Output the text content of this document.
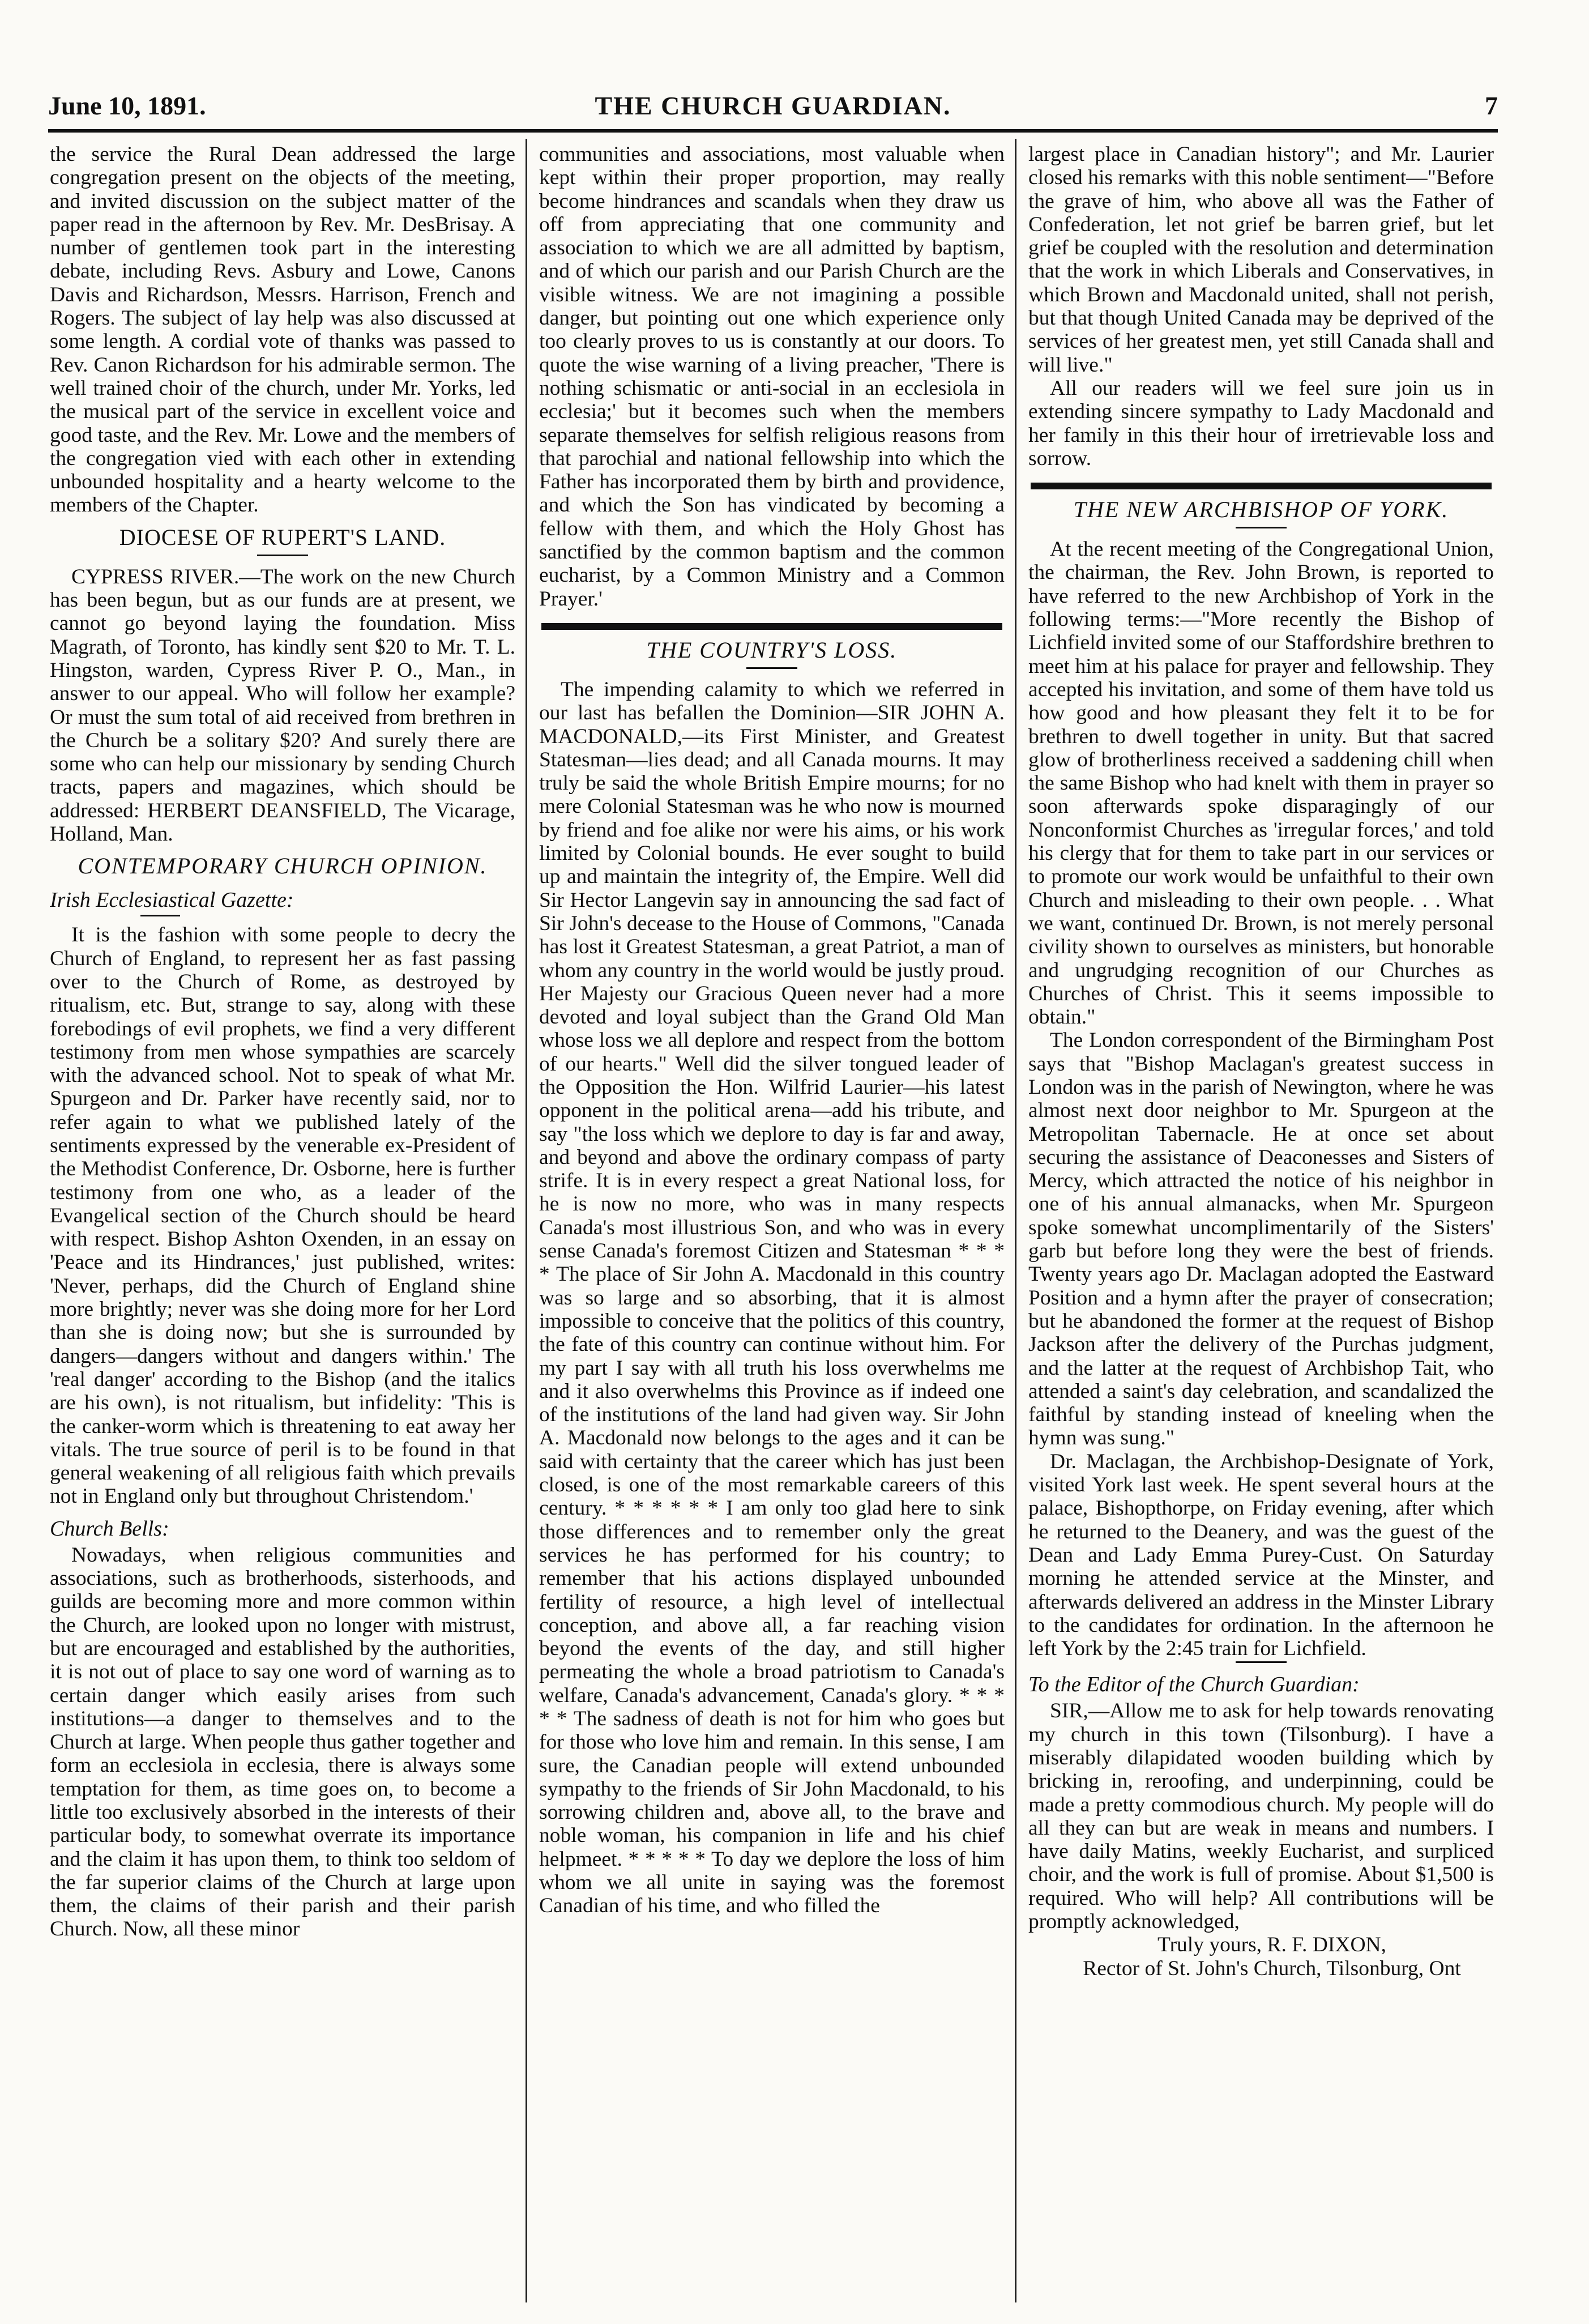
THE CHURCH GUARDIAN.
June 10, 1891.	7

the service the Rural Dean addressed the large congregation present on the objects of the meeting, and invited discussion on the subject matter of the paper read in the afternoon by Rev. Mr. DesBrisay. A number of gentlemen took part in the interesting debate, including Revs. Asbury and Lowe, Canons Davis and Richardson, Messrs. Harrison, French and Rogers. The subject of lay help was also discussed at some length. A cordial vote of thanks was passed to Rev. Canon Richardson for his admirable sermon. The well trained choir of the church, under Mr. Yorks, led the musical part of the service in excellent voice and good taste, and the Rev. Mr. Lowe and the members of the congregation vied with each other in extending unbounded hospitality and a hearty welcome to the members of the Chapter.

DIOCESE OF RUPERT'S LAND.

CYPRESS RIVER.—The work on the new Church has been begun, but as our funds are at present, we cannot go beyond laying the foundation. Miss Magrath, of Toronto, has kindly sent $20 to Mr. T. L. Hingston, warden, Cypress River P. O., Man., in answer to our appeal. Who will follow her example? Or must the sum total of aid received from brethren in the Church be a solitary $20? And surely there are some who can help our missionary by sending Church tracts, papers and magazines, which should be addressed: HERBERT DEANSFIELD, The Vicarage, Holland, Man.

CONTEMPORARY CHURCH OPINION.
Irish Ecclesiastical Gazette:

It is the fashion with some people to decry the Church of England, to represent her as fast passing over to the Church of Rome, as destroyed by ritualism, etc. But, strange to say, along with these forebodings of evil prophets, we find a very different testimony from men whose sympathies are scarcely with the advanced school. Not to speak of what Mr. Spurgeon and Dr. Parker have recently said, nor to refer again to what we published lately of the sentiments expressed by the venerable ex-President of the Methodist Conference, Dr. Osborne, here is further testimony from one who, as a leader of the Evangelical section of the Church should be heard with respect. Bishop Ashton Oxenden, in an essay on 'Peace and its Hindrances,' just published, writes: 'Never, perhaps, did the Church of England shine more brightly; never was she doing more for her Lord than she is doing now; but she is surrounded by dangers—dangers without and dangers within.' The 'real danger' according to the Bishop (and the italics are his own), is not ritualism, but infidelity: 'This is the canker-worm which is threatening to eat away her vitals. The true source of peril is to be found in that general weakening of all religious faith which prevails not in England only but throughout Christendom.'

Church Bells:

Nowadays, when religious communities and associations, such as brotherhoods, sisterhoods, and guilds are becoming more and more common within the Church, are looked upon no longer with mistrust, but are encouraged and established by the authorities, it is not out of place to say one word of warning as to certain danger which easily arises from such institutions—a danger to themselves and to the Church at large. When people thus gather together and form an ecclesiola in ecclesia, there is always some temptation for them, as time goes on, to become a little too exclusively absorbed in the interests of their particular body, to somewhat overrate its importance and the claim it has upon them, to think too seldom of the far superior claims of the Church at large upon them, the claims of their parish and their parish Church. Now, all these minor

communities and associations, most valuable when kept within their proper proportion, may really become hindrances and scandals when they draw us off from appreciating that one community and association to which we are all admitted by baptism, and of which our parish and our Parish Church are the visible witness. We are not imagining a possible danger, but pointing out one which experience only too clearly proves to us is constantly at our doors. To quote the wise warning of a living preacher, 'There is nothing schismatic or anti-social in an ecclesiola in ecclesia;' but it becomes such when the members separate themselves for selfish religious reasons from that parochial and national fellowship into which the Father has incorporated them by birth and providence, and which the Son has vindicated by becoming a fellow with them, and which the Holy Ghost has sanctified by the common baptism and the common eucharist, by a Common Ministry and a Common Prayer.'

THE COUNTRY'S LOSS.

The impending calamity to which we referred in our last has befallen the Dominion—SIR JOHN A. MACDONALD,—its First Minister, and Greatest Statesman—lies dead; and all Canada mourns. It may truly be said the whole British Empire mourns; for no mere Colonial Statesman was he who now is mourned by friend and foe alike nor were his aims, or his work limited by Colonial bounds. He ever sought to build up and maintain the integrity of, the Empire. Well did Sir Hector Langevin say in announcing the sad fact of Sir John's decease to the House of Commons, "Canada has lost it Greatest Statesman, a great Patriot, a man of whom any country in the world would be justly proud. Her Majesty our Gracious Queen never had a more devoted and loyal subject than the Grand Old Man whose loss we all deplore and respect from the bottom of our hearts." Well did the silver tongued leader of the Opposition the Hon. Wilfrid Laurier—his latest opponent in the political arena—add his tribute, and say "the loss which we deplore to day is far and away, and beyond and above the ordinary compass of party strife. It is in every respect a great National loss, for he is now no more, who was in many respects Canada's most illustrious Son, and who was in every sense Canada's foremost Citizen and Statesman * * * * The place of Sir John A. Macdonald in this country was so large and so absorbing, that it is almost impossible to conceive that the politics of this country, the fate of this country can continue without him. For my part I say with all truth his loss overwhelms me and it also overwhelms this Province as if indeed one of the institutions of the land had given way. Sir John A. Macdonald now belongs to the ages and it can be said with certainty that the career which has just been closed, is one of the most remarkable careers of this century. * * * * * * I am only too glad here to sink those differences and to remember only the great services he has performed for his country; to remember that his actions displayed unbounded fertility of resource, a high level of intellectual conception, and above all, a far reaching vision beyond the events of the day, and still higher permeating the whole a broad patriotism to Canada's welfare, Canada's advancement, Canada's glory. * * * * * The sadness of death is not for him who goes but for those who love him and remain. In this sense, I am sure, the Canadian people will extend unbounded sympathy to the friends of Sir John Macdonald, to his sorrowing children and, above all, to the brave and noble woman, his companion in life and his chief helpmeet. * * * * * To day we deplore the loss of him whom we all unite in saying was the foremost Canadian of his time, and who filled the

largest place in Canadian history"; and Mr. Laurier closed his remarks with this noble sentiment—"Before the grave of him, who above all was the Father of Confederation, let not grief be barren grief, but let grief be coupled with the resolution and determination that the work in which Liberals and Conservatives, in which Brown and Macdonald united, shall not perish, but that though United Canada may be deprived of the services of her greatest men, yet still Canada shall and will live."

All our readers will we feel sure join us in extending sincere sympathy to Lady Macdonald and her family in this their hour of irretrievable loss and sorrow.

THE NEW ARCHBISHOP OF YORK.

At the recent meeting of the Congregational Union, the chairman, the Rev. John Brown, is reported to have referred to the new Archbishop of York in the following terms:—"More recently the Bishop of Lichfield invited some of our Staffordshire brethren to meet him at his palace for prayer and fellowship. They accepted his invitation, and some of them have told us how good and how pleasant they felt it to be for brethren to dwell together in unity. But that sacred glow of brotherliness received a saddening chill when the same Bishop who had knelt with them in prayer so soon afterwards spoke disparagingly of our Nonconformist Churches as 'irregular forces,' and told his clergy that for them to take part in our services or to promote our work would be unfaithful to their own Church and misleading to their own people. . . What we want, continued Dr. Brown, is not merely personal civility shown to ourselves as ministers, but honorable and ungrudging recognition of our Churches as Churches of Christ. This it seems impossible to obtain."

The London correspondent of the Birmingham Post says that "Bishop Maclagan's greatest success in London was in the parish of Newington, where he was almost next door neighbor to Mr. Spurgeon at the Metropolitan Tabernacle. He at once set about securing the assistance of Deaconesses and Sisters of Mercy, which attracted the notice of his neighbor in one of his annual almanacks, when Mr. Spurgeon spoke somewhat uncomplimentarily of the Sisters' garb but before long they were the best of friends. Twenty years ago Dr. Maclagan adopted the Eastward Position and a hymn after the prayer of consecration; but he abandoned the former at the request of Bishop Jackson after the delivery of the Purchas judgment, and the latter at the request of Archbishop Tait, who attended a saint's day celebration, and scandalized the faithful by standing instead of kneeling when the hymn was sung."

Dr. Maclagan, the Archbishop-Designate of York, visited York last week. He spent several hours at the palace, Bishopthorpe, on Friday evening, after which he returned to the Deanery, and was the guest of the Dean and Lady Emma Purey-Cust. On Saturday morning he attended service at the Minster, and afterwards delivered an address in the Minster Library to the candidates for ordination. In the afternoon he left York by the 2:45 train for Lichfield.

To the Editor of the Church Guardian:

SIR,—Allow me to ask for help towards renovating my church in this town (Tilsonburg). I have a miserably dilapidated wooden building which by bricking in, reroofing, and underpinning, could be made a pretty commodious church. My people will do all they can but are weak in means and numbers. I have daily Matins, weekly Eucharist, and surpliced choir, and the work is full of promise. About $1,500 is required. Who will help? All contributions will be promptly acknowledged,

Truly yours, R. F. DIXON,

Rector of St. John's Church, Tilsonburg, Ont
